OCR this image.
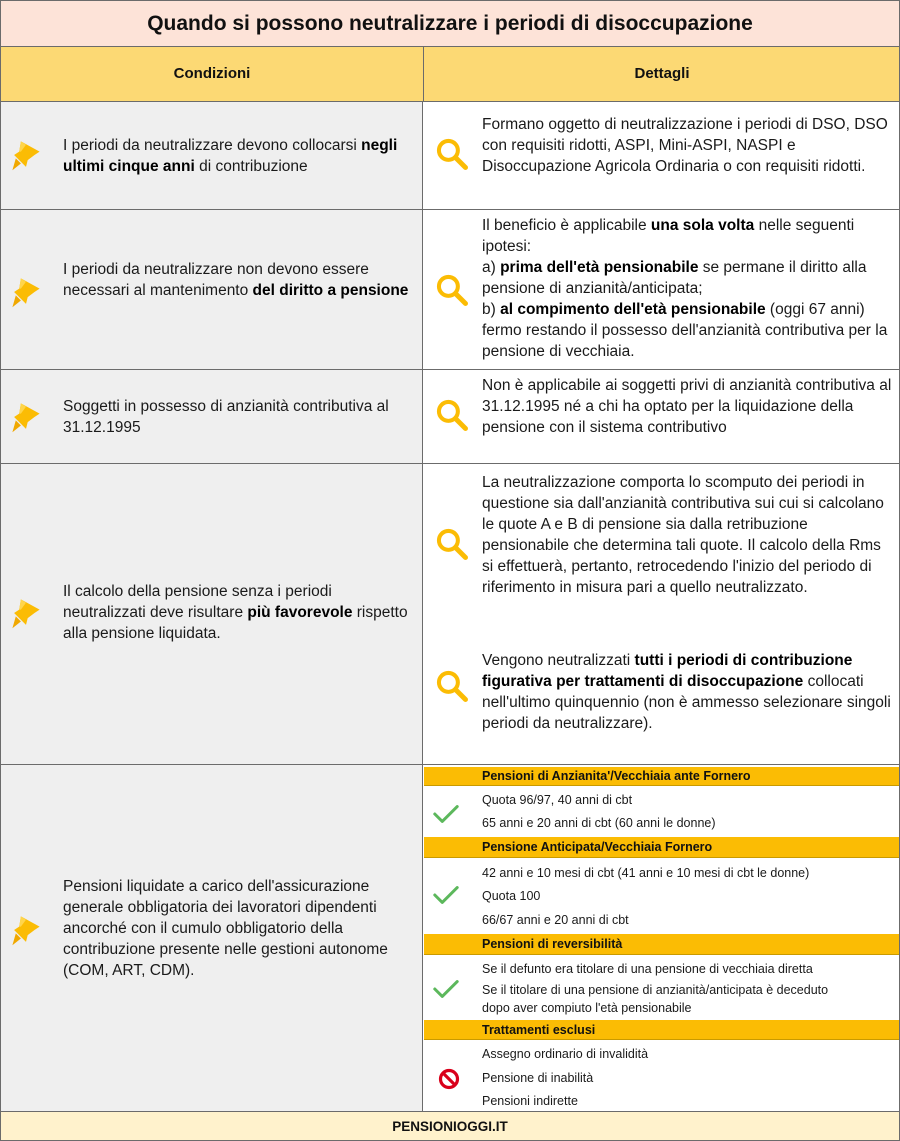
Quando si possono neutralizzare i periodi di disoccupazione
Condizioni	Dettagli
I periodi da neutralizzare devono collocarsi negli ultimi cinque anni di contribuzione
Formano oggetto di neutralizzazione i periodi di DSO, DSO con requisiti ridotti, ASPI, Mini-ASPI, NASPI e Disoccupazione Agricola Ordinaria o con requisiti ridotti.
I periodi da neutralizzare non devono essere necessari al mantenimento del diritto a pensione
Il beneficio è applicabile una sola volta nelle seguenti ipotesi:
a) prima dell'età pensionabile se permane il diritto alla pensione di anzianità/anticipata;
b) al compimento dell'età pensionabile (oggi 67 anni) fermo restando il possesso dell'anzianità contributiva per la pensione di vecchiaia.
Soggetti in possesso di anzianità contributiva al 31.12.1995
Non è applicabile ai soggetti privi di anzianità contributiva al 31.12.1995 né a chi ha optato per la liquidazione della pensione con il sistema contributivo
Il calcolo della pensione senza i periodi neutralizzati deve risultare più favorevole rispetto alla pensione liquidata.
La neutralizzazione comporta lo scomputo dei periodi in questione sia dall'anzianità contributiva sui cui si calcolano le quote A e B di pensione sia dalla retribuzione pensionabile che determina tali quote. Il calcolo della Rms si effettuerà, pertanto, retrocedendo l'inizio del periodo di riferimento in misura pari a quello neutralizzato.
Vengono neutralizzati tutti i periodi di contribuzione figurativa per trattamenti di disoccupazione collocati nell'ultimo quinquennio (non è ammesso selezionare singoli periodi da neutralizzare).
Pensioni liquidate a carico dell'assicurazione generale obbligatoria dei lavoratori dipendenti ancorché con il cumulo obbligatorio della contribuzione presente nelle gestioni autonome (COM, ART, CDM).
Pensioni di Anzianita'/Vecchiaia ante Fornero
Quota 96/97, 40 anni di cbt
65 anni e 20 anni di cbt (60 anni le donne)
Pensione Anticipata/Vecchiaia Fornero
42 anni e 10 mesi di cbt (41 anni e 10 mesi di cbt le donne)
Quota 100
66/67 anni e 20 anni di cbt
Pensioni di reversibilità
Se il defunto era titolare di una pensione di vecchiaia diretta
Se il titolare di una pensione di anzianità/anticipata è deceduto
dopo aver compiuto l'età pensionabile
Trattamenti esclusi
Assegno ordinario di invalidità
Pensione di inabilità
Pensioni indirette
PENSIONIOGGI.IT
